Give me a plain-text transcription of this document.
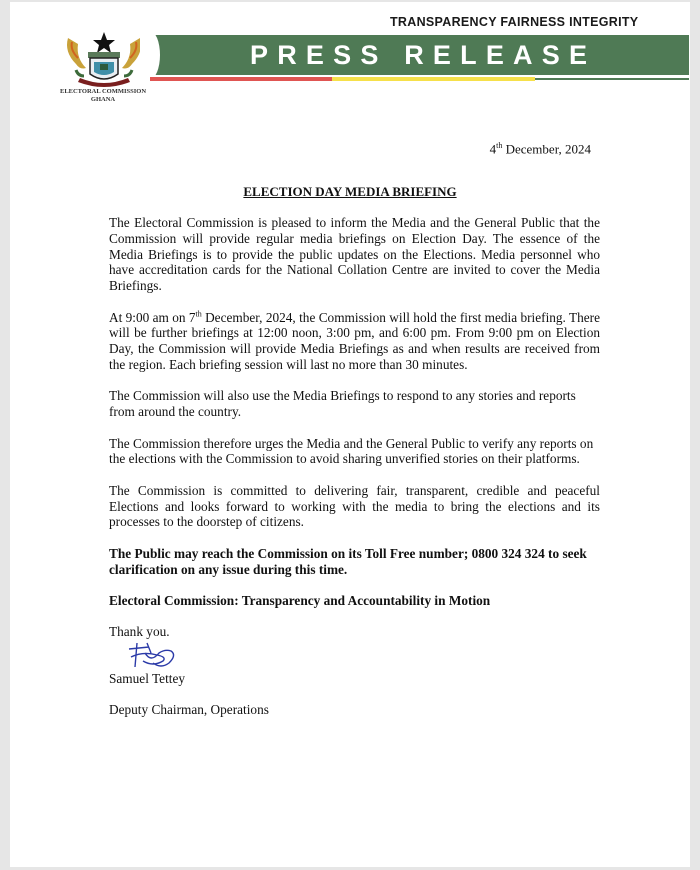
TRANSPARENCY FAIRNESS INTEGRITY

ELECTORAL COMMISSION
GHANA
PRESS RELEASE
4th December, 2024
ELECTION DAY MEDIA BRIEFING

The Electoral Commission is pleased to inform the Media and the General Public that the Commission will provide regular media briefings on Election Day. The essence of the Media Briefings is to provide the public updates on the Elections. Media personnel who have accreditation cards for the National Collation Centre are invited to cover the Media Briefings.

At 9:00 am on 7th December, 2024, the Commission will hold the first media briefing. There will be further briefings at 12:00 noon, 3:00 pm, and 6:00 pm. From 9:00 pm on Election Day, the Commission will provide Media Briefings as and when results are received from the region. Each briefing session will last no more than 30 minutes.

The Commission will also use the Media Briefings to respond to any stories and reports from around the country.

The Commission therefore urges the Media and the General Public to verify any reports on the elections with the Commission to avoid sharing unverified stories on their platforms.

The Commission is committed to delivering fair, transparent, credible and peaceful Elections and looks forward to working with the media to bring the elections and its processes to the doorstep of citizens.

The Public may reach the Commission on its Toll Free number; 0800 324 324 to seek clarification on any issue during this time.

Electoral Commission: Transparency and Accountability in Motion

Thank you.

Samuel Tettey

Deputy Chairman, Operations
